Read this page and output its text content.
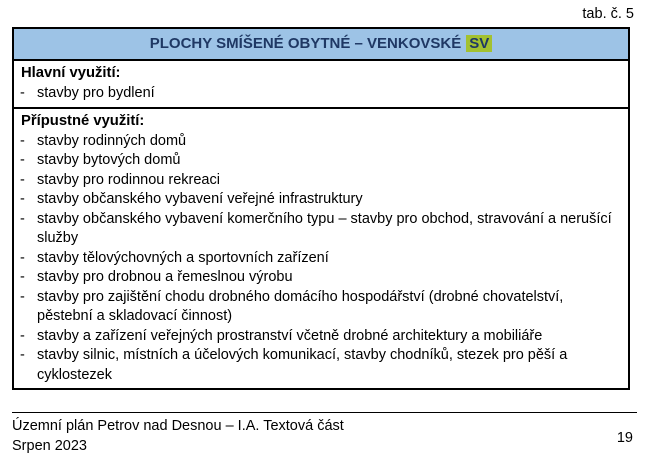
tab. č. 5
PLOCHY SMÍŠENÉ OBYTNÉ – VENKOVSKÉ SV
Hlavní využití:
- stavby pro bydlení
Přípustné využití:
- stavby rodinných domů
- stavby bytových domů
- stavby pro rodinnou rekreaci
- stavby občanského vybavení veřejné infrastruktury
- stavby občanského vybavení komerčního typu – stavby pro obchod, stravování a nerušící služby
- stavby tělovýchovných a sportovních zařízení
- stavby pro drobnou a řemeslnou výrobu
- stavby pro zajištění chodu drobného domácího hospodářství (drobné chovatelství, pěstební a skladovací činnost)
- stavby a zařízení veřejných prostranství včetně drobné architektury a mobiliáře
- stavby silnic, místních a účelových komunikací, stavby chodníků, stezek pro pěší a cyklostezek
Územní plán Petrov nad Desnou – I.A. Textová část
Srpen 2023	19
